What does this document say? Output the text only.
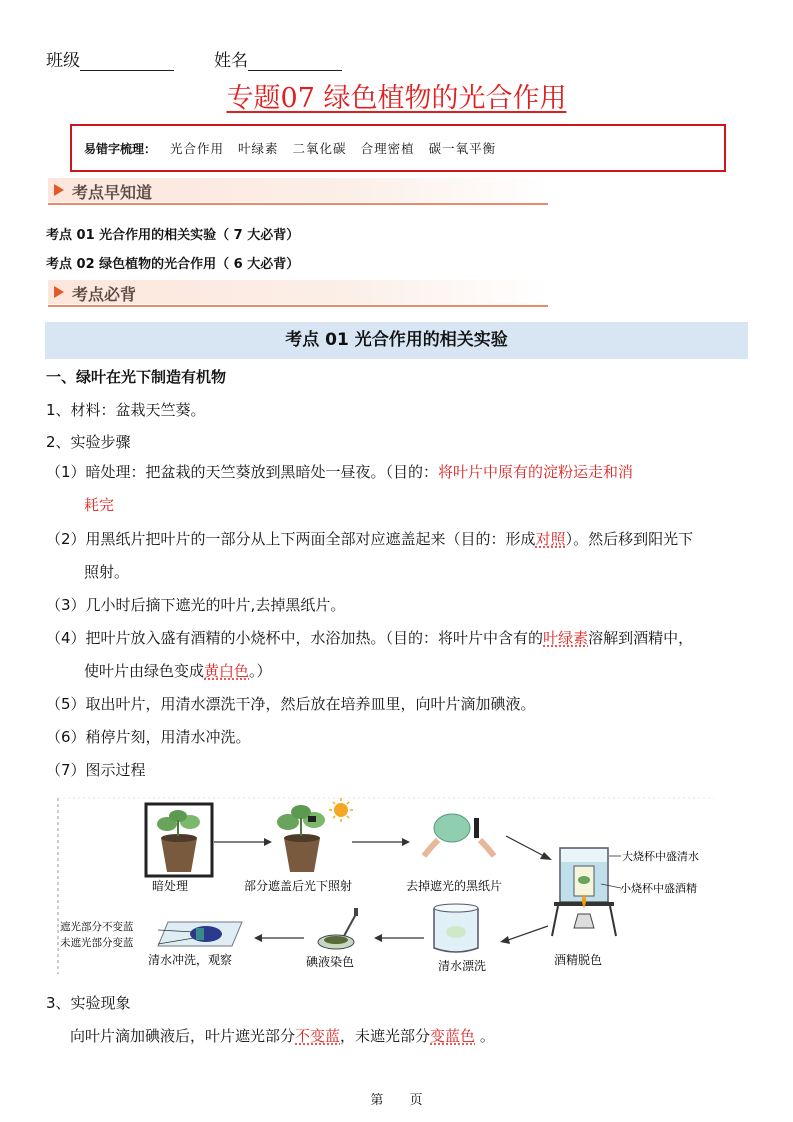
班级	姓名
专题07 绿色植物的光合作用
易错字梳理： 光合作用 叶绿素 二氧化碳 合理密植 碳一氧平衡
考点早知道
考点 01 光合作用的相关实验（ 7 大必背）
考点 02 绿色植物的光合作用（ 6 大必背）
考点必背
考点 01 光合作用的相关实验
一、绿叶在光下制造有机物
1、材料：盆栽天竺葵。
2、实验步骤
（1）暗处理：把盆栽的天竺葵放到黑暗处一昼夜。（目的：将叶片中原有的淀粉运走和消
耗完
（2）用黑纸片把叶片的一部分从上下两面全部对应遮盖起来（目的：形成对照）。然后移到阳光下
照射。
（3）几小时后摘下遮光的叶片,去掉黑纸片。
（4）把叶片放入盛有酒精的小烧杯中，水浴加热。（目的：将叶片中含有的叶绿素溶解到酒精中，
使叶片由绿色变成黄白色。）
（5）取出叶片，用清水漂洗干净，然后放在培养皿里，向叶片滴加碘液。
（6）稍停片刻，用清水冲洗。
（7）图示过程
大烧杯中盛清水
小烧杯中盛酒精
酒精脱色
清水漂洗
碘液染色
遮光部分不变蓝
未遮光部分变蓝
清水冲洗，观察
暗处理	部分遮盖后光下照射	去掉遮光的黑纸片
3、实验现象
向叶片滴加碘液后，叶片遮光部分不变蓝，未遮光部分变蓝色 。
第 页
